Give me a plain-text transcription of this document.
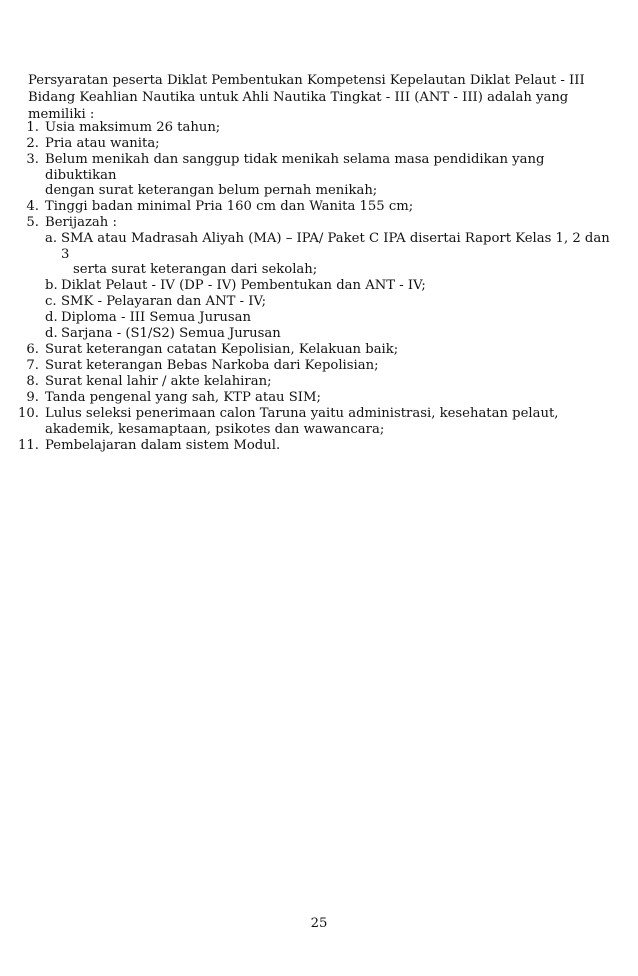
Persyaratan peserta Diklat Pembentukan Kompetensi Kepelautan Diklat Pelaut - III Bidang Keahlian Nautika untuk Ahli Nautika Tingkat - III (ANT - III) adalah yang memiliki :

1. Usia maksimum 26 tahun;
2. Pria atau wanita;
3. Belum menikah dan sanggup tidak menikah selama masa pendidikan yang dibuktikan
dengan surat keterangan belum pernah menikah;
4. Tinggi badan minimal Pria 160 cm dan Wanita 155 cm;
5. Berijazah :
a. SMA atau Madrasah Aliyah (MA) – IPA/ Paket C IPA disertai Raport Kelas 1, 2 dan 3
serta surat keterangan dari sekolah;
b. Diklat Pelaut - IV (DP - IV) Pembentukan dan ANT - IV;
c. SMK - Pelayaran dan ANT - IV;
d. Diploma - III Semua Jurusan
d. Sarjana - (S1/S2) Semua Jurusan
6. Surat keterangan catatan Kepolisian, Kelakuan baik;
7. Surat keterangan Bebas Narkoba dari Kepolisian;
8. Surat kenal lahir / akte kelahiran;
9. Tanda pengenal yang sah, KTP atau SIM;
10. Lulus seleksi penerimaan calon Taruna yaitu administrasi, kesehatan pelaut,
akademik, kesamaptaan, psikotes dan wawancara;
11. Pembelajaran dalam sistem Modul.
25
